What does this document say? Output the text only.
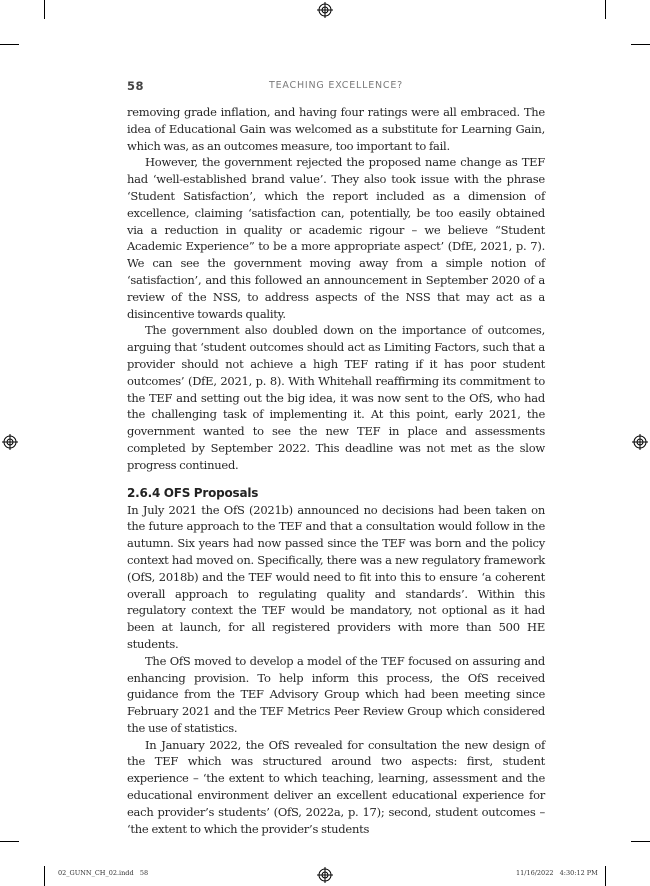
58	TEACHING EXCELLENCE?

removing grade inflation, and having four ratings were all embraced. The idea of Educational Gain was welcomed as a substitute for Learning Gain, which was, as an outcomes measure, too important to fail.

However, the government rejected the proposed name change as TEF had ‘well-established brand value’. They also took issue with the phrase ‘Student Satisfaction’, which the report included as a dimension of excellence, claiming ‘satisfaction can, potentially, be too easily obtained via a reduction in quality or academic rigour – we believe “Student Academic Experience” to be a more appropriate aspect’ (DfE, 2021, p. 7). We can see the government moving away from a simple notion of ‘satisfaction’, and this followed an announcement in September 2020 of a review of the NSS, to address aspects of the NSS that may act as a disincentive towards quality.

The government also doubled down on the importance of outcomes, arguing that ‘student outcomes should act as Limiting Factors, such that a provider should not achieve a high TEF rating if it has poor student outcomes’ (DfE, 2021, p. 8). With Whitehall reaffirming its commitment to the TEF and setting out the big idea, it was now sent to the OfS, who had the challenging task of implementing it. At this point, early 2021, the government wanted to see the new TEF in place and assessments completed by September 2022. This deadline was not met as the slow progress continued.

2.6.4 OFS Proposals

In July 2021 the OfS (2021b) announced no decisions had been taken on the future approach to the TEF and that a consultation would follow in the autumn. Six years had now passed since the TEF was born and the policy context had moved on. Specifically, there was a new regulatory framework (OfS, 2018b) and the TEF would need to fit into this to ensure ‘a coherent overall approach to regulating quality and standards’. Within this regulatory context the TEF would be mandatory, not optional as it had been at launch, for all registered providers with more than 500 HE students.

The OfS moved to develop a model of the TEF focused on assuring and enhancing provision. To help inform this process, the OfS received guidance from the TEF Advisory Group which had been meeting since February 2021 and the TEF Metrics Peer Review Group which considered the use of statistics.

In January 2022, the OfS revealed for consultation the new design of the TEF which was structured around two aspects: first, student experience – ‘the extent to which teaching, learning, assessment and the educational environment deliver an excellent educational experience for each provider’s students’ (OfS, 2022a, p. 17); second, student outcomes – ‘the extent to which the provider’s students

02_GUNN_CH_02.indd 58	11/16/2022 4:30:12 PM
